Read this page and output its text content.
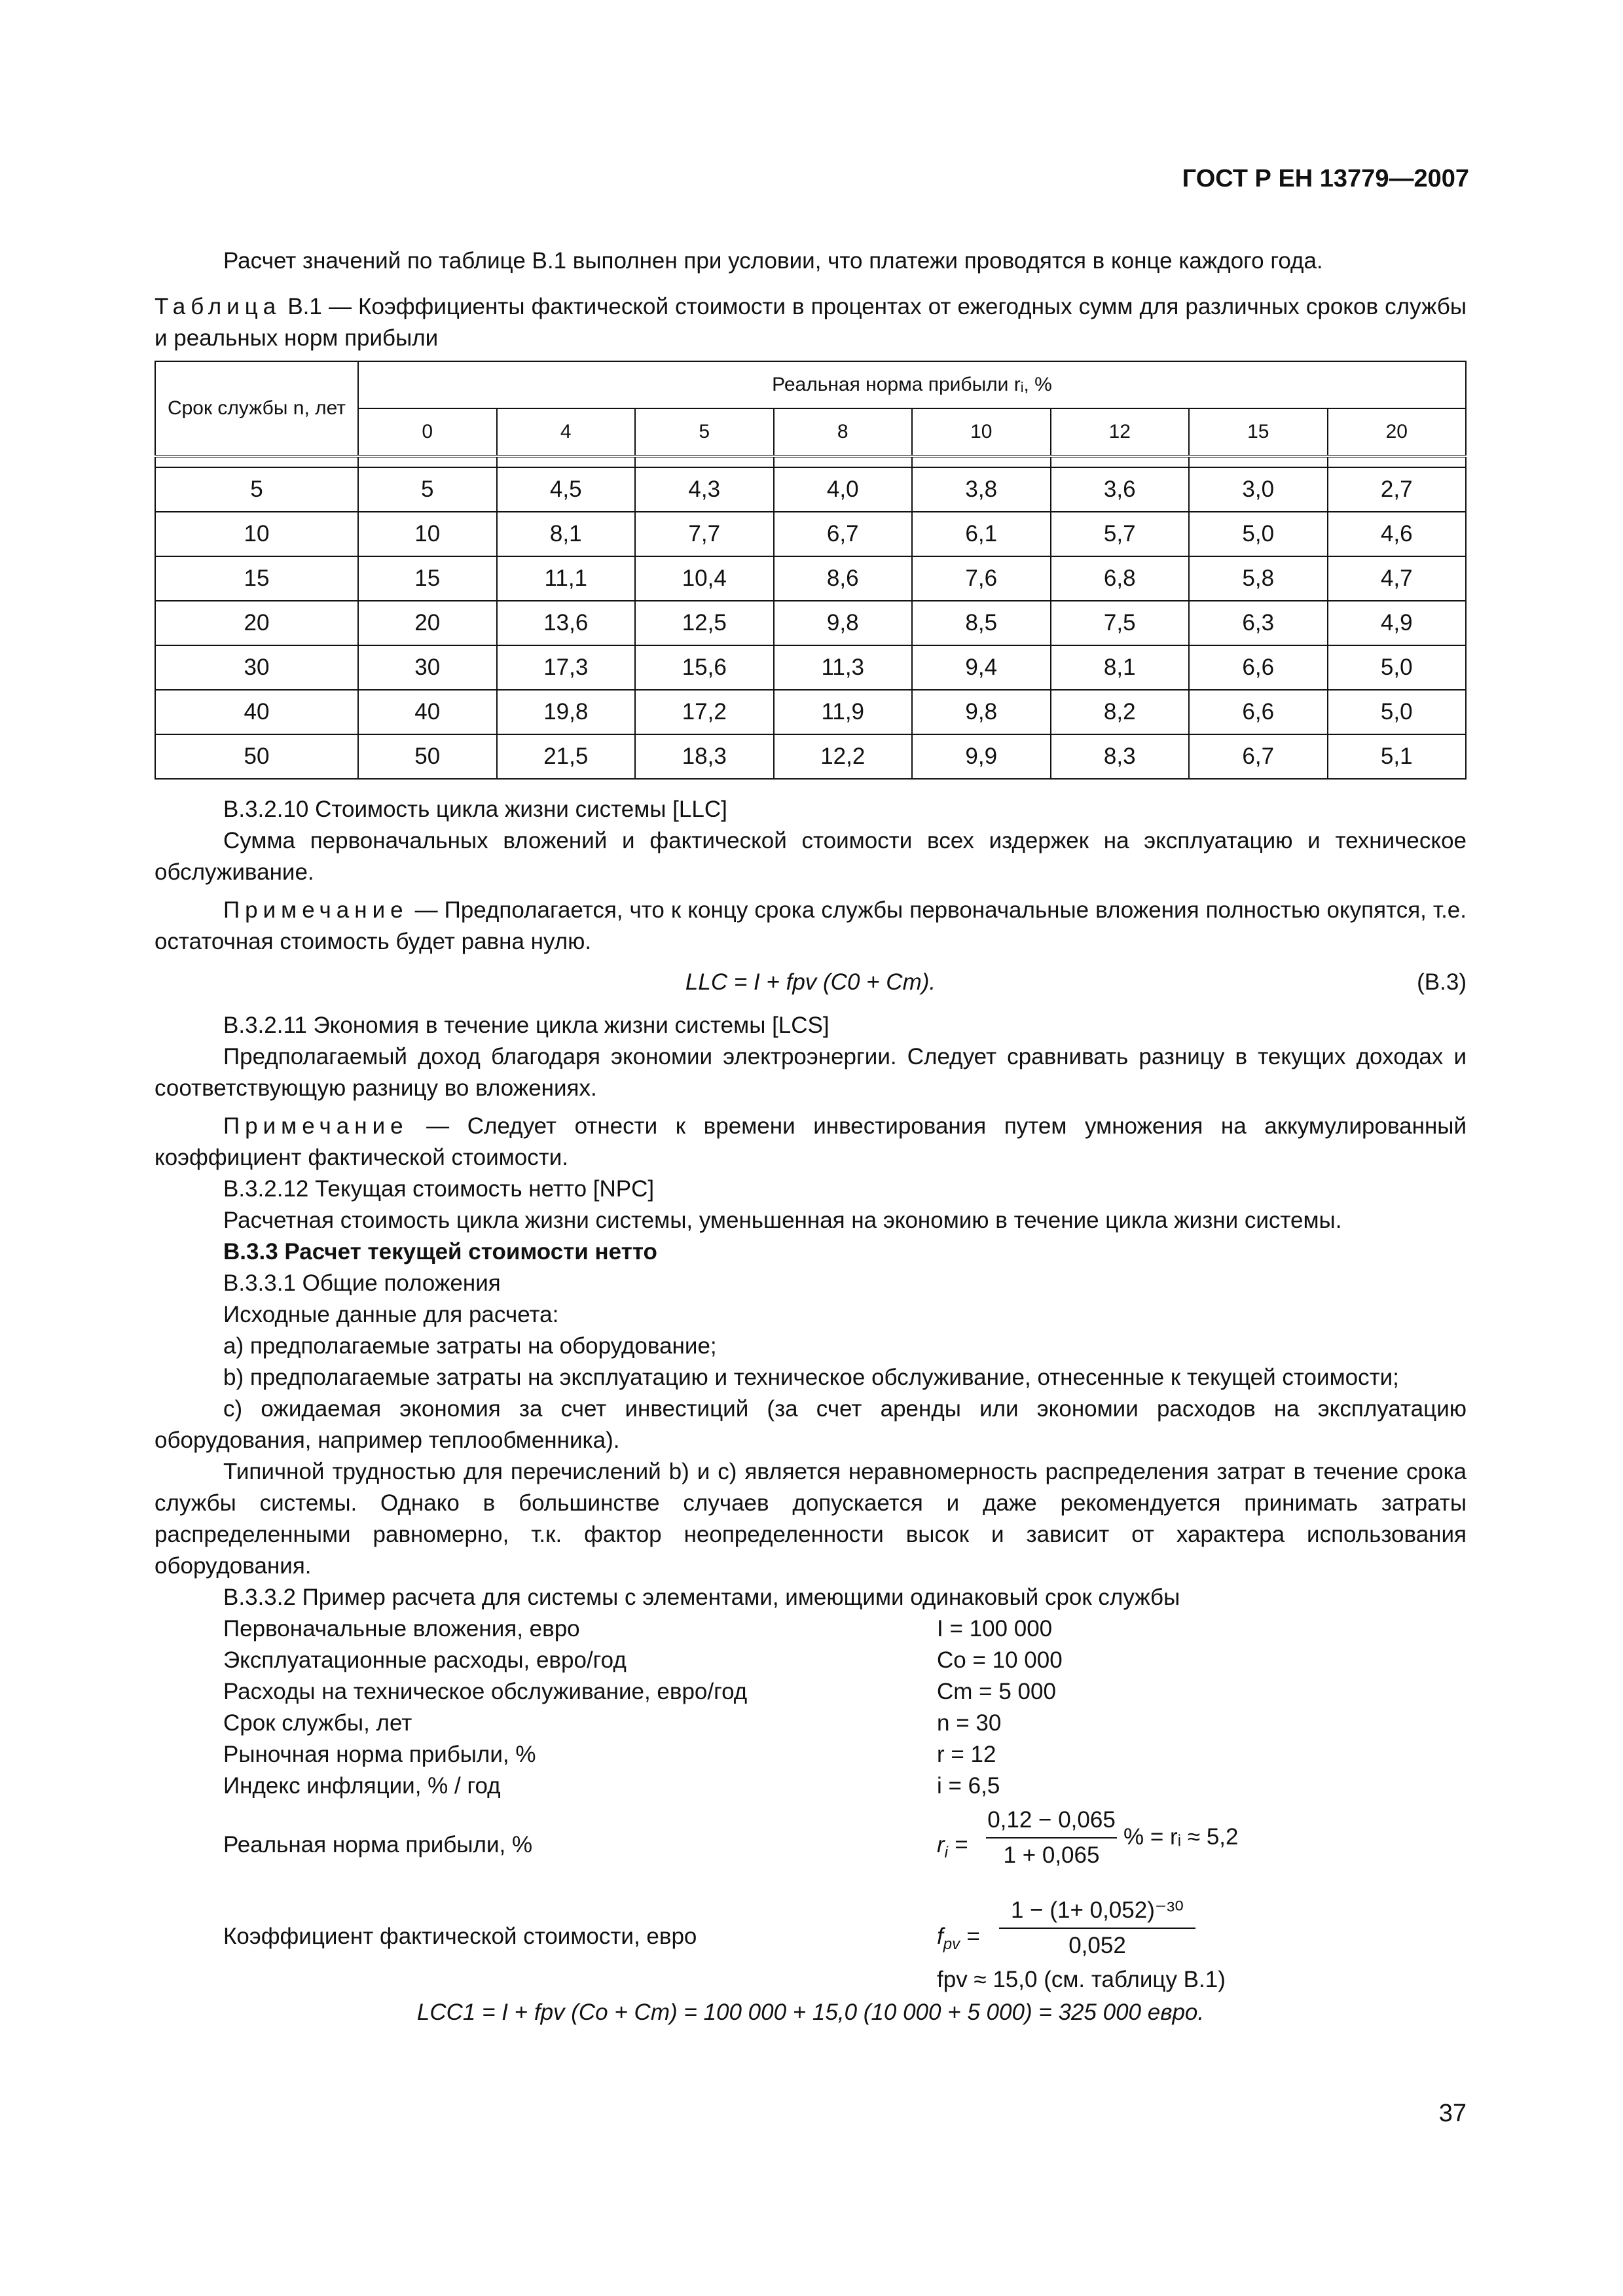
ГОСТ Р ЕН 13779—2007

Расчет значений по таблице В.1 выполнен при условии, что платежи проводятся в конце каждого года.

Таблица В.1 — Коэффициенты фактической стоимости в процентах от ежегодных сумм для различных сроков службы и реальных норм прибыли

Срок службы n, лет	Реальная норма прибыли rᵢ, %							
	0	4	5	8	10	12	15	20

5	5	4,5	4,3	4,0	3,8	3,6	3,0	2,7
10	10	8,1	7,7	6,7	6,1	5,7	5,0	4,6
15	15	11,1	10,4	8,6	7,6	6,8	5,8	4,7
20	20	13,6	12,5	9,8	8,5	7,5	6,3	4,9
30	30	17,3	15,6	11,3	9,4	8,1	6,6	5,0
40	40	19,8	17,2	11,9	9,8	8,2	6,6	5,0
50	50	21,5	18,3	12,2	9,9	8,3	6,7	5,1

В.3.2.10 Стоимость цикла жизни системы [LLC]

Сумма первоначальных вложений и фактической стоимости всех издержек на эксплуатацию и техническое обслуживание.

Примечание — Предполагается, что к концу срока службы первоначальные вложения полностью окупятся, т.е. остаточная стоимость будет равна нулю.

LLC = I + fpv (C0 + Cm).	(В.3)

В.3.2.11 Экономия в течение цикла жизни системы [LCS]

Предполагаемый доход благодаря экономии электроэнергии. Следует сравнивать разницу в текущих доходах и соответствующую разницу во вложениях.

Примечание — Следует отнести к времени инвестирования путем умножения на аккумулированный коэффициент фактической стоимости.

В.3.2.12 Текущая стоимость нетто [NPC]

Расчетная стоимость цикла жизни системы, уменьшенная на экономию в течение цикла жизни системы.

В.3.3 Расчет текущей стоимости нетто

В.3.3.1 Общие положения

Исходные данные для расчета:

a) предполагаемые затраты на оборудование;

b) предполагаемые затраты на эксплуатацию и техническое обслуживание, отнесенные к текущей стоимости;

c) ожидаемая экономия за счет инвестиций (за счет аренды или экономии расходов на эксплуатацию оборудования, например теплообменника).

Типичной трудностью для перечислений b) и c) является неравномерность распределения затрат в течение срока службы системы. Однако в большинстве случаев допускается и даже рекомендуется принимать затраты распределенными равномерно, т.к. фактор неопределенности высок и зависит от характера использования оборудования.

В.3.3.2 Пример расчета для системы с элементами, имеющими одинаковый срок службы

Первоначальные вложения, евро	I = 100 000
Эксплуатационные расходы, евро/год	Co = 10 000
Расходы на техническое обслуживание, евро/год	Cm = 5 000
Срок службы, лет	n = 30
Рыночная норма прибыли, %	r = 12
Индекс инфляции, % / год	i = 6,5
Реальная норма прибыли, %	$r_i$ =
0,12 − 0,065
1 + 0,065
% = rᵢ ≈ 5,2
Коэффициент фактической стоимости, евро	$f_{pv}$ =
1 − (1+ 0,052)⁻³⁰
0,052
fpv ≈ 15,0 (см. таблицу В.1)

LCC1 = I + fpv (Co + Cm) = 100 000 + 15,0 (10 000 + 5 000) = 325 000 евро.

37
